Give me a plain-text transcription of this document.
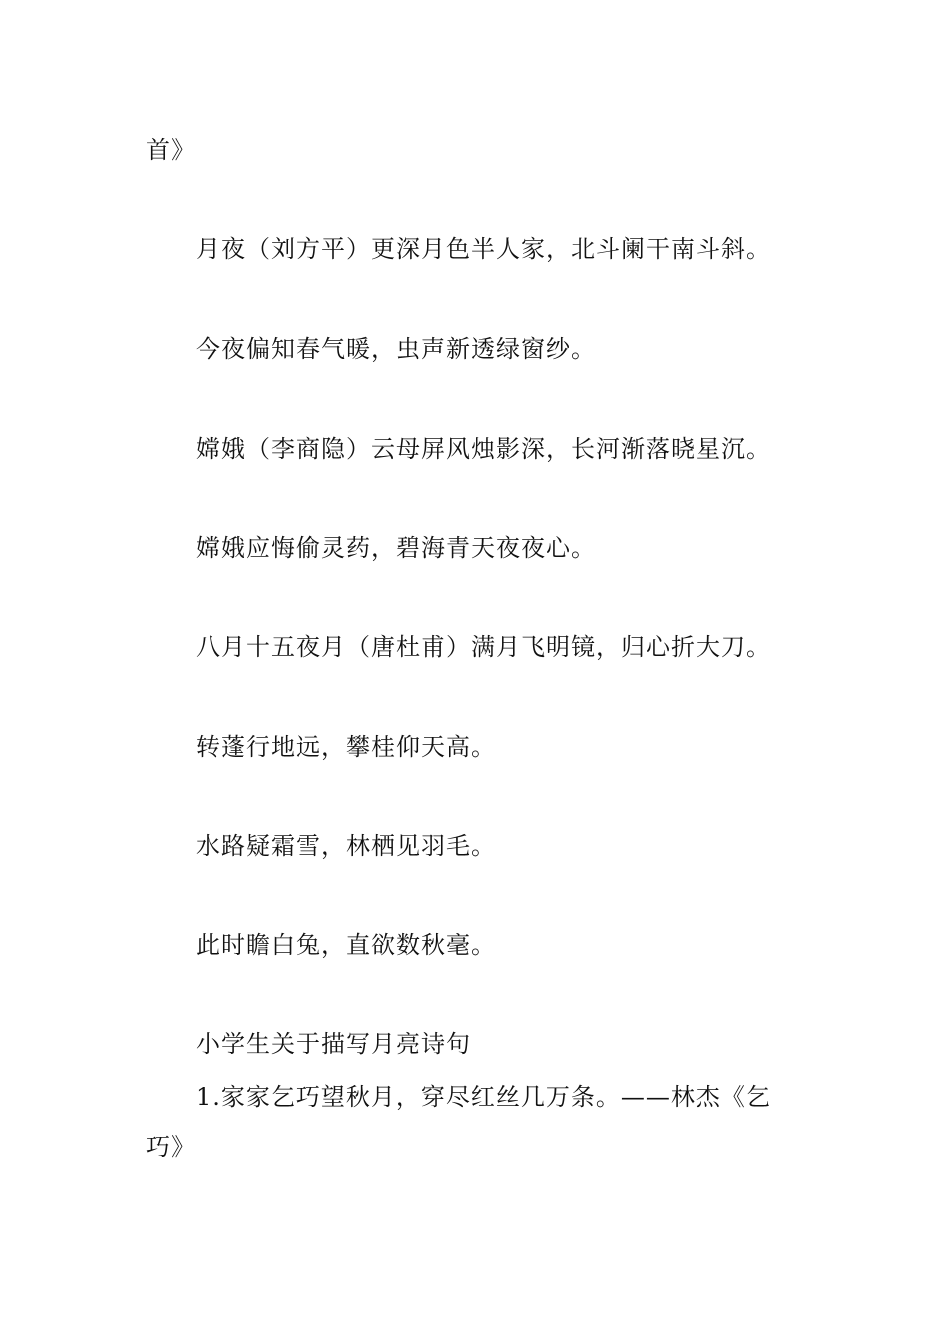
首》
月夜（刘方平）更深月色半人家，北斗阑干南斗斜。
今夜偏知春气暖，虫声新透绿窗纱。
嫦娥（李商隐）云母屏风烛影深，长河渐落晓星沉。
嫦娥应悔偷灵药，碧海青天夜夜心。
八月十五夜月（唐杜甫）满月飞明镜，归心折大刀。
转蓬行地远，攀桂仰天高。
水路疑霜雪，林栖见羽毛。
此时瞻白兔，直欲数秋毫。
小学生关于描写月亮诗句
1.家家乞巧望秋月，穿尽红丝几万条。——林杰《乞
巧》
